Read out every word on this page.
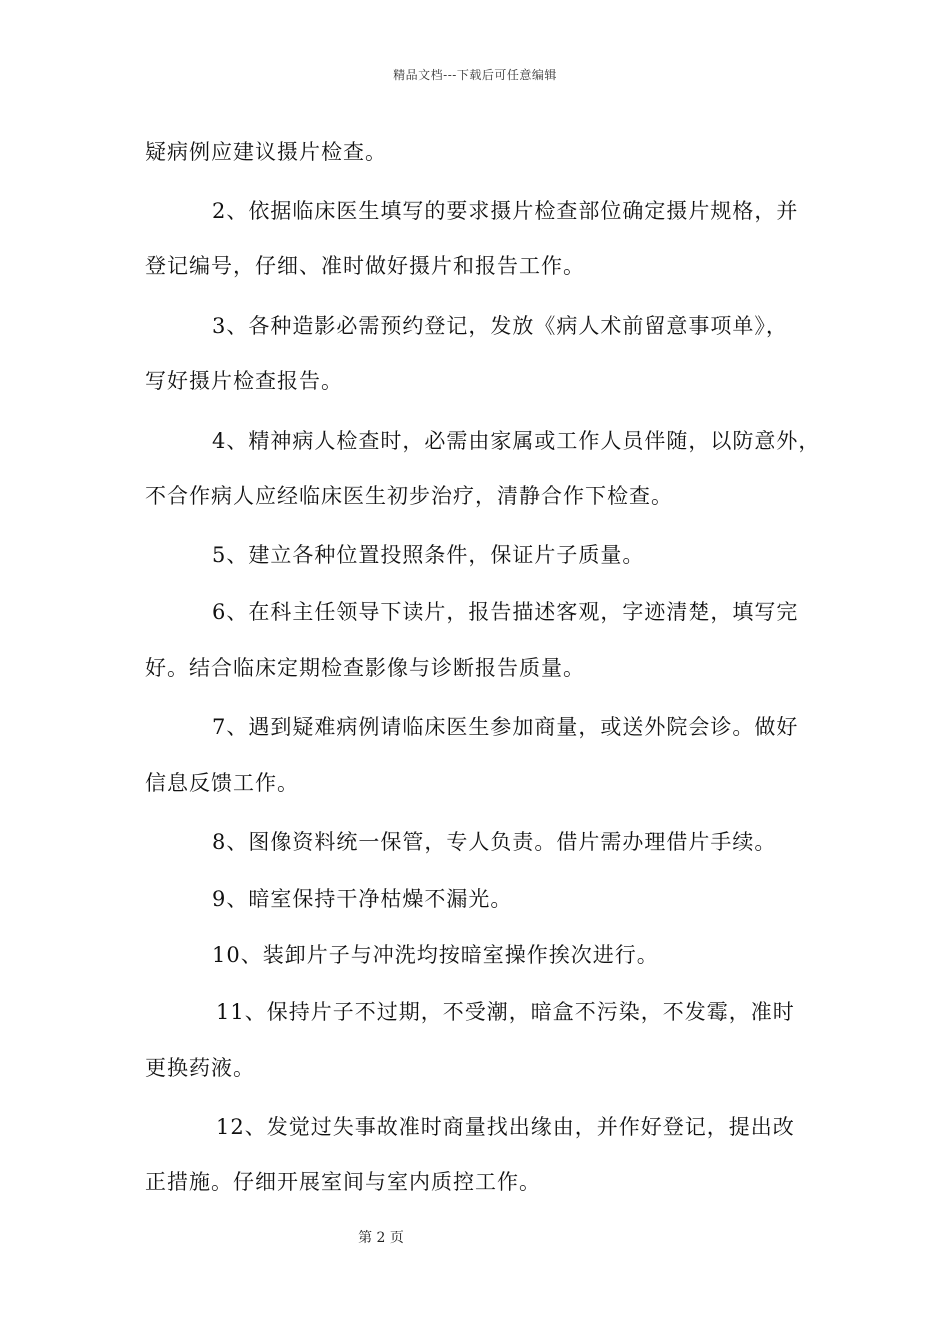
精品文档---下载后可任意编辑
疑病例应建议摄片检查。
2、依据临床医生填写的要求摄片检查部位确定摄片规格，并
登记编号，仔细、准时做好摄片和报告工作。
3、各种造影必需预约登记，发放《病人术前留意事项单》，
写好摄片检查报告。
4、精神病人检查时，必需由家属或工作人员伴随，以防意外，
不合作病人应经临床医生初步治疗，清静合作下检查。
5、建立各种位置投照条件，保证片子质量。
6、在科主任领导下读片，报告描述客观，字迹清楚，填写完
好。结合临床定期检查影像与诊断报告质量。
7、遇到疑难病例请临床医生参加商量，或送外院会诊。做好
信息反馈工作。
8、图像资料统一保管，专人负责。借片需办理借片手续。
9、暗室保持干净枯燥不漏光。
10、装卸片子与冲洗均按暗室操作挨次进行。
11、保持片子不过期，不受潮，暗盒不污染，不发霉，准时
更换药液。
12、发觉过失事故准时商量找出缘由，并作好登记，提出改
正措施。仔细开展室间与室内质控工作。
第 2 页
